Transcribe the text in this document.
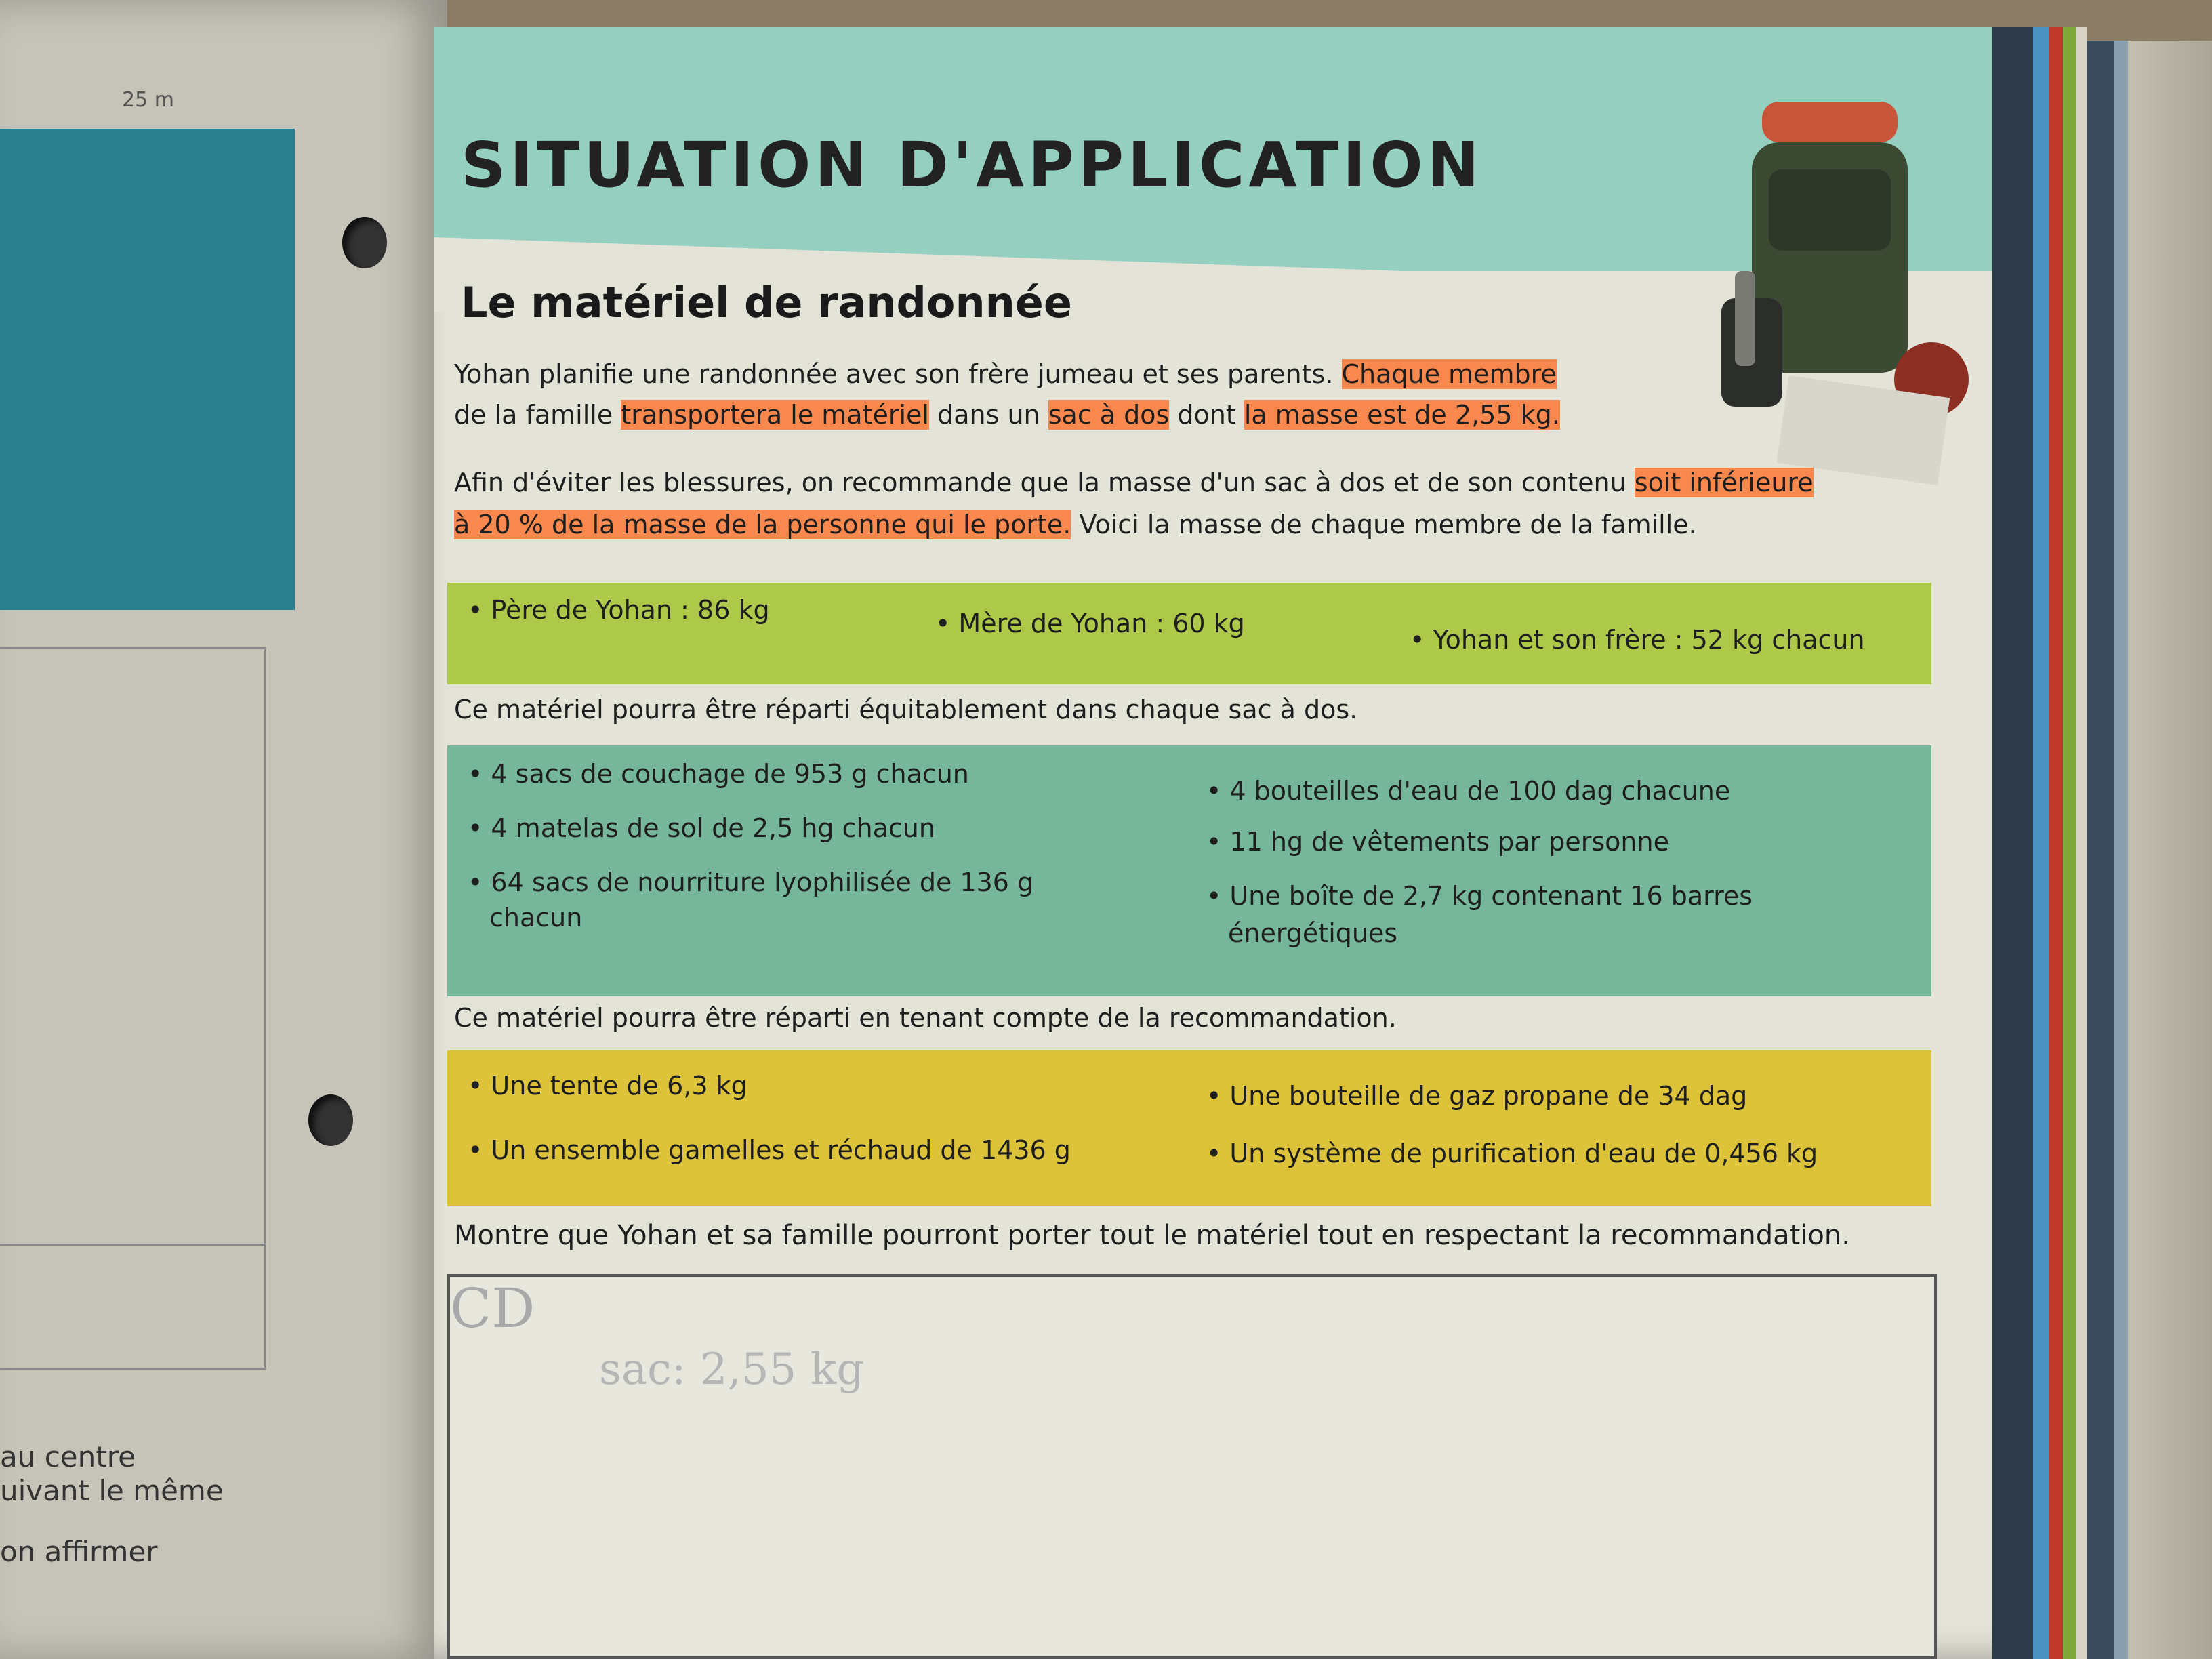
25 m
au centre
uivant le même
on affirmer
SITUATION D'APPLICATION
Le matériel de randonnée
Yohan planifie une randonnée avec son frère jumeau et ses parents. Chaque membre
de la famille transportera le matériel dans un sac à dos dont la masse est de 2,55 kg.
Afin d'éviter les blessures, on recommande que la masse d'un sac à dos et de son contenu soit inférieure
à 20 % de la masse de la personne qui le porte. Voici la masse de chaque membre de la famille.
• Père de Yohan : 86 kg	• Mère de Yohan : 60 kg
• Yohan et son frère : 52 kg chacun
Ce matériel pourra être réparti équitablement dans chaque sac à dos.
• 4 sacs de couchage de 953 g chacun
• 4 matelas de sol de 2,5 hg chacun
• 64 sacs de nourriture lyophilisée de 136 g
chacun
• 4 bouteilles d'eau de 100 dag chacune
• 11 hg de vêtements par personne
• Une boîte de 2,7 kg contenant 16 barres
énergétiques
Ce matériel pourra être réparti en tenant compte de la recommandation.
• Une tente de 6,3 kg
• Un ensemble gamelles et réchaud de 1436 g
• Une bouteille de gaz propane de 34 dag
• Un système de purification d'eau de 0,456 kg
Montre que Yohan et sa famille pourront porter tout le matériel tout en respectant la recommandation.
CD
sac: 2,55 kg
